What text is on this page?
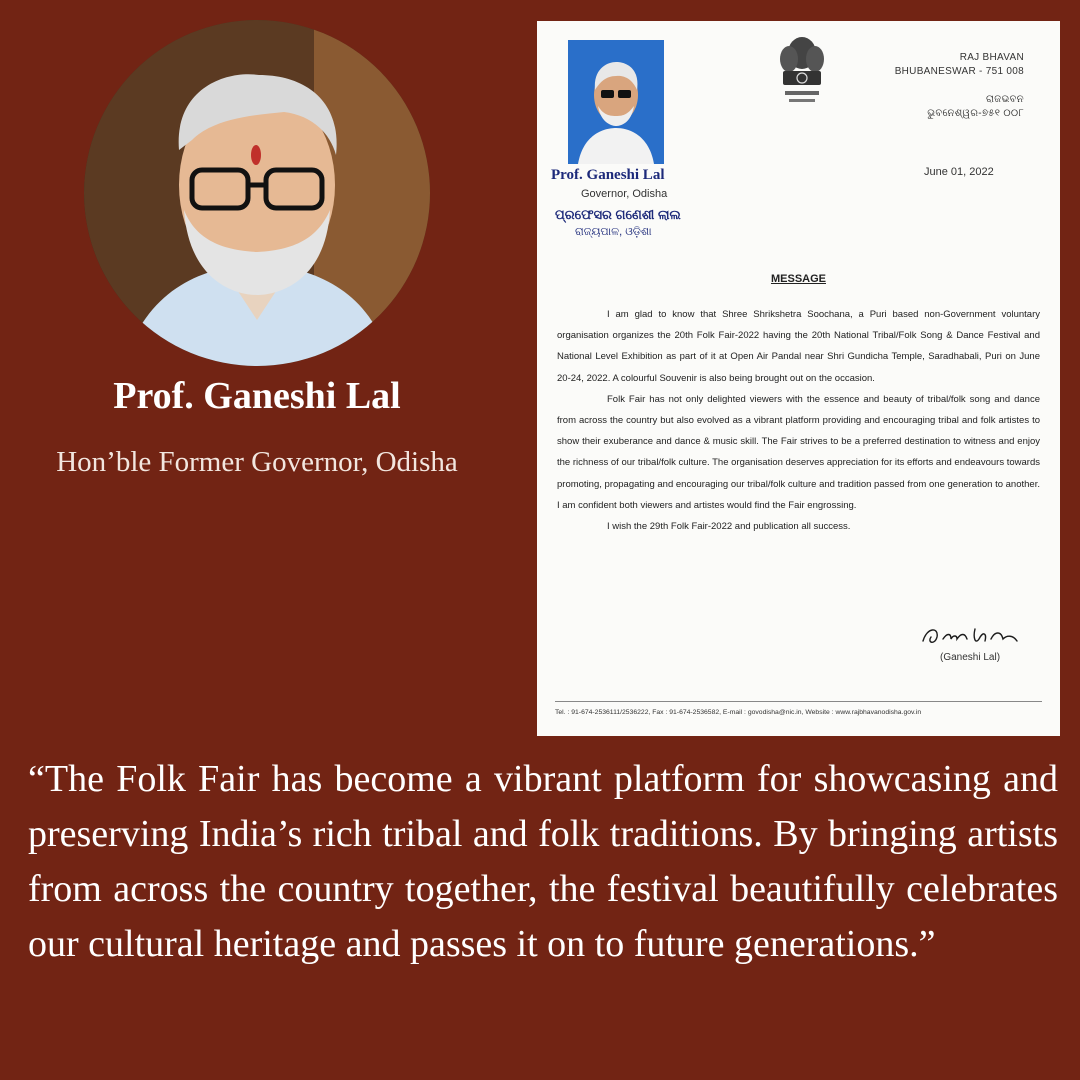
Prof. Ganeshi Lal
Hon’ble Former Governor, Odisha
RAJ BHAVAN
BHUBANESWAR - 751 008
ରାଜଭବନ
ଭୁବନେଶ୍ୱର-୭୫୧ ୦୦୮
Prof. Ganeshi Lal
Governor, Odisha
ପ୍ରଫେସର ଗଣେଶୀ ଲାଲ
ରାଜ୍ୟପାଳ, ଓଡ଼ିଶା
June 01, 2022
MESSAGE

I am glad to know that Shree Shrikshetra Soochana, a Puri based non-Government voluntary organisation organizes the 20th Folk Fair-2022 having the 20th National Tribal/Folk Song & Dance Festival and National Level Exhibition as part of it at Open Air Pandal near Shri Gundicha Temple, Saradhabali, Puri on June 20-24, 2022. A colourful Souvenir is also being brought out on the occasion.

Folk Fair has not only delighted viewers with the essence and beauty of tribal/folk song and dance from across the country but also evolved as a vibrant platform providing and encouraging tribal and folk artistes to show their exuberance and dance & music skill. The Fair strives to be a preferred destination to witness and enjoy the richness of our tribal/folk culture. The organisation deserves appreciation for its efforts and endeavours towards promoting, propagating and encouraging our tribal/folk culture and tradition passed from one generation to another. I am confident both viewers and artistes would find the Fair engrossing.

I wish the 29th Folk Fair-2022 and publication all success.

(Ganeshi Lal)
Tel. : 91-674-2536111/2536222, Fax : 91-674-2536582, E-mail : govodisha@nic.in, Website : www.rajbhavanodisha.gov.in
“The Folk Fair has become a vibrant platform for showcasing and preserving India’s rich tribal and folk traditions. By bringing artists from across the country together, the festival beautifully celebrates our cultural heritage and passes it on to future generations.”
